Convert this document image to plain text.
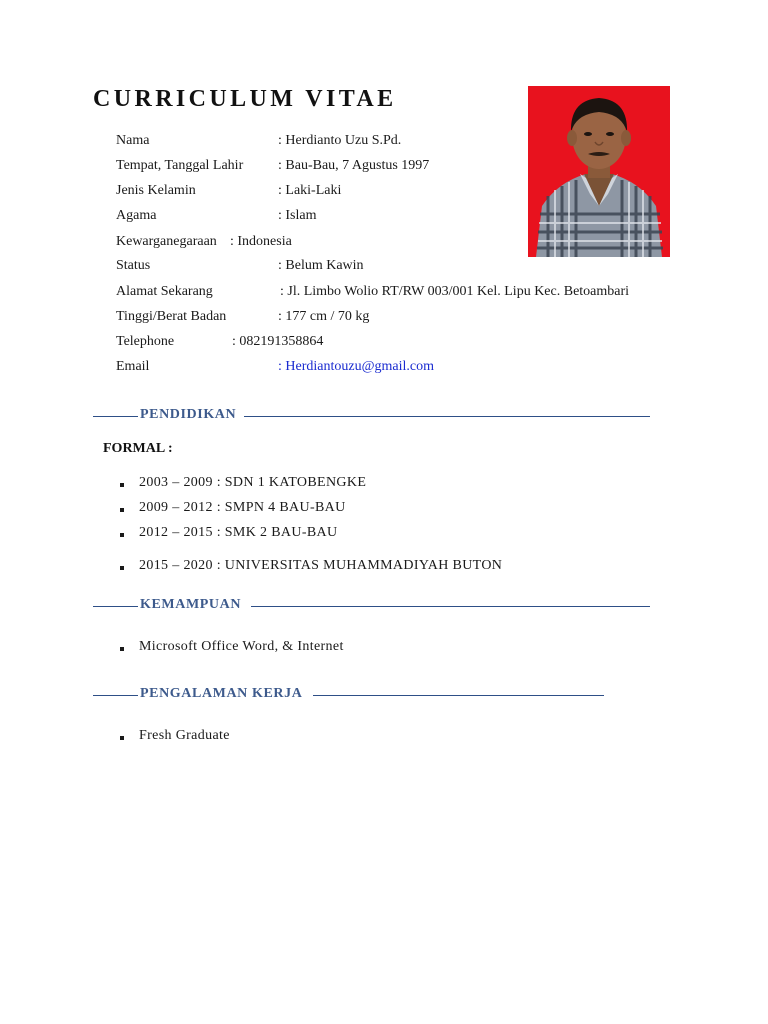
CURRICULUM VITAE
Nama	: Herdianto Uzu S.Pd.
Tempat, Tanggal Lahir : Bau-Bau, 7 Agustus 1997
Jenis Kelamin	: Laki-Laki
Agama	: Islam
Kewarganegaraan : Indonesia
Status	: Belum Kawin
Alamat Sekarang	: Jl. Limbo Wolio RT/RW 003/001 Kel. Lipu Kec. Betoambari
Tinggi/Berat Badan	: 177 cm / 70 kg
Telephone	: 082191358864
Email	: Herdiantouzu@gmail.com
PENDIDIKAN
FORMAL :
2003 – 2009 : SDN 1 KATOBENGKE
2009 – 2012 : SMPN 4 BAU-BAU
2012 – 2015 : SMK 2 BAU-BAU
2015 – 2020 : UNIVERSITAS MUHAMMADIYAH BUTON
KEMAMPUAN
Microsoft Office Word, & Internet
PENGALAMAN KERJA
Fresh Graduate
